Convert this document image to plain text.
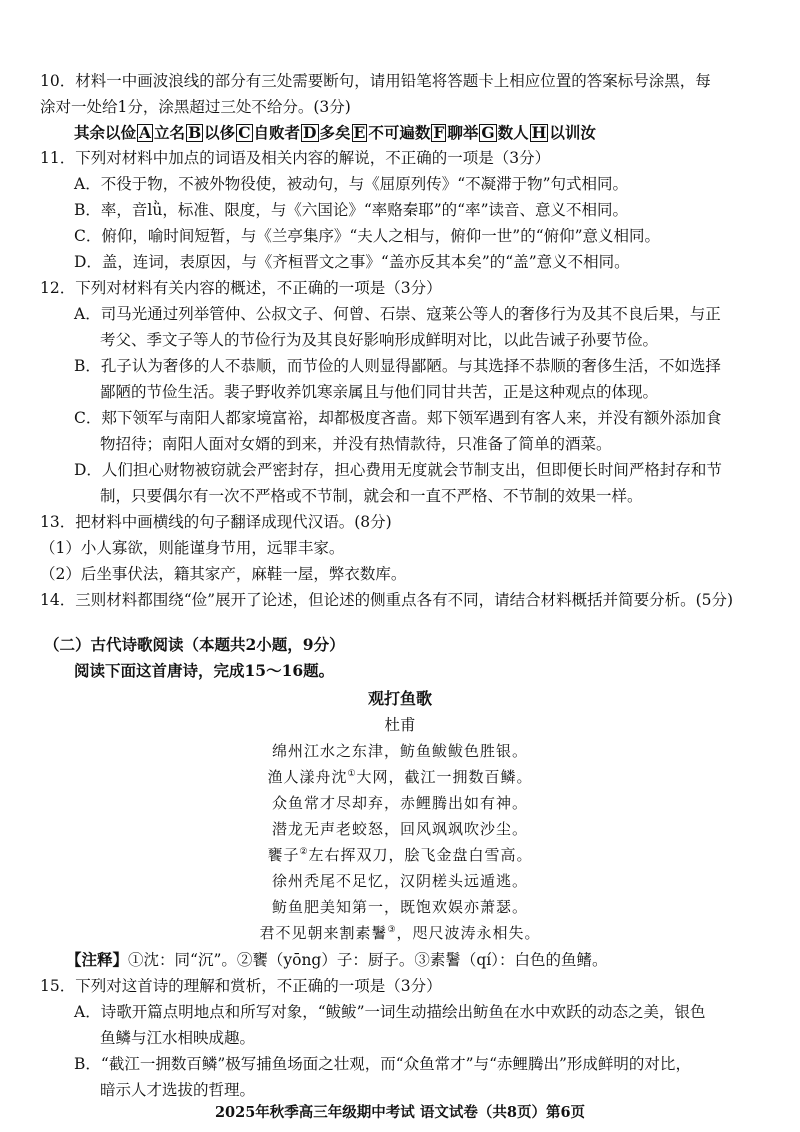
10．材料一中画波浪线的部分有三处需要断句，请用铅笔将答题卡上相应位置的答案标号涂黑，每
涂对一处给1分，涂黑超过三处不给分。(3分)
其余以俭 A 立名 B 以侈 C 自败者 D 多矣 E 不可遍数 F 聊举 G 数人 H 以训汝
11．下列对材料中加点的词语及相关内容的解说，不正确的一项是（3分）
A．不役于物，不被外物役使，被动句，与《屈原列传》“不凝滞于物”句式相同。
B．率，音lǜ，标准、限度，与《六国论》“率赂秦耶”的“率”读音、意义不相同。
C．俯仰，喻时间短暂，与《兰亭集序》“夫人之相与，俯仰一世”的“俯仰”意义相同。
D．盖，连词，表原因，与《齐桓晋文之事》“盖亦反其本矣”的“盖”意义不相同。
12．下列对材料有关内容的概述，不正确的一项是（3分）
A．司马光通过列举管仲、公叔文子、何曾、石崇、寇莱公等人的奢侈行为及其不良后果，与正
考父、季文子等人的节俭行为及其良好影响形成鲜明对比，以此告诫子孙要节俭。
B．孔子认为奢侈的人不恭顺，而节俭的人则显得鄙陋。与其选择不恭顺的奢侈生活，不如选择
鄙陋的节俭生活。裴子野收养饥寒亲属且与他们同甘共苦，正是这种观点的体现。
C．郏下领军与南阳人都家境富裕，却都极度吝啬。郏下领军遇到有客人来，并没有额外添加食
物招待；南阳人面对女婿的到来，并没有热情款待，只准备了简单的酒菜。
D．人们担心财物被窃就会严密封存，担心费用无度就会节制支出，但即便长时间严格封存和节
制，只要偶尔有一次不严格或不节制，就会和一直不严格、不节制的效果一样。
13．把材料中画横线的句子翻译成现代汉语。(8分)
（1）小人寡欲，则能谨身节用，远罪丰家。
（2）后坐事伏法，籍其家产，麻鞋一屋，弊衣数库。
14．三则材料都围绕“俭”展开了论述，但论述的侧重点各有不同，请结合材料概括并简要分析。(5分)
（二）古代诗歌阅读（本题共2小题，9分）
阅读下面这首唐诗，完成15～16题。
观打鱼歌
杜甫
绵州江水之东津，鲂鱼鲅鲅色胜银。
渔人漾舟沈①大网，截江一拥数百鳞。
众鱼常才尽却弃，赤鲤腾出如有神。
潜龙无声老蛟怒，回风飒飒吹沙尘。
饔子②左右挥双刀，脍飞金盘白雪高。
徐州秃尾不足忆，汉阴槎头远遁逃。
鲂鱼肥美知第一，既饱欢娱亦萧瑟。
君不见朝来割素鬐③，咫尺波涛永相失。
【注释】①沈：同“沉”。②饔（yōng）子：厨子。③素鬐（qí）：白色的鱼鳍。
15．下列对这首诗的理解和赏析，不正确的一项是（3分）
A．诗歌开篇点明地点和所写对象，“鲅鲅”一词生动描绘出鲂鱼在水中欢跃的动态之美，银色
鱼鳞与江水相映成趣。
B．“截江一拥数百鳞”极写捕鱼场面之壮观，而“众鱼常才”与“赤鲤腾出”形成鲜明的对比，
暗示人才选拔的哲理。
2025年秋季高三年级期中考试 语文试卷（共8页）第6页
